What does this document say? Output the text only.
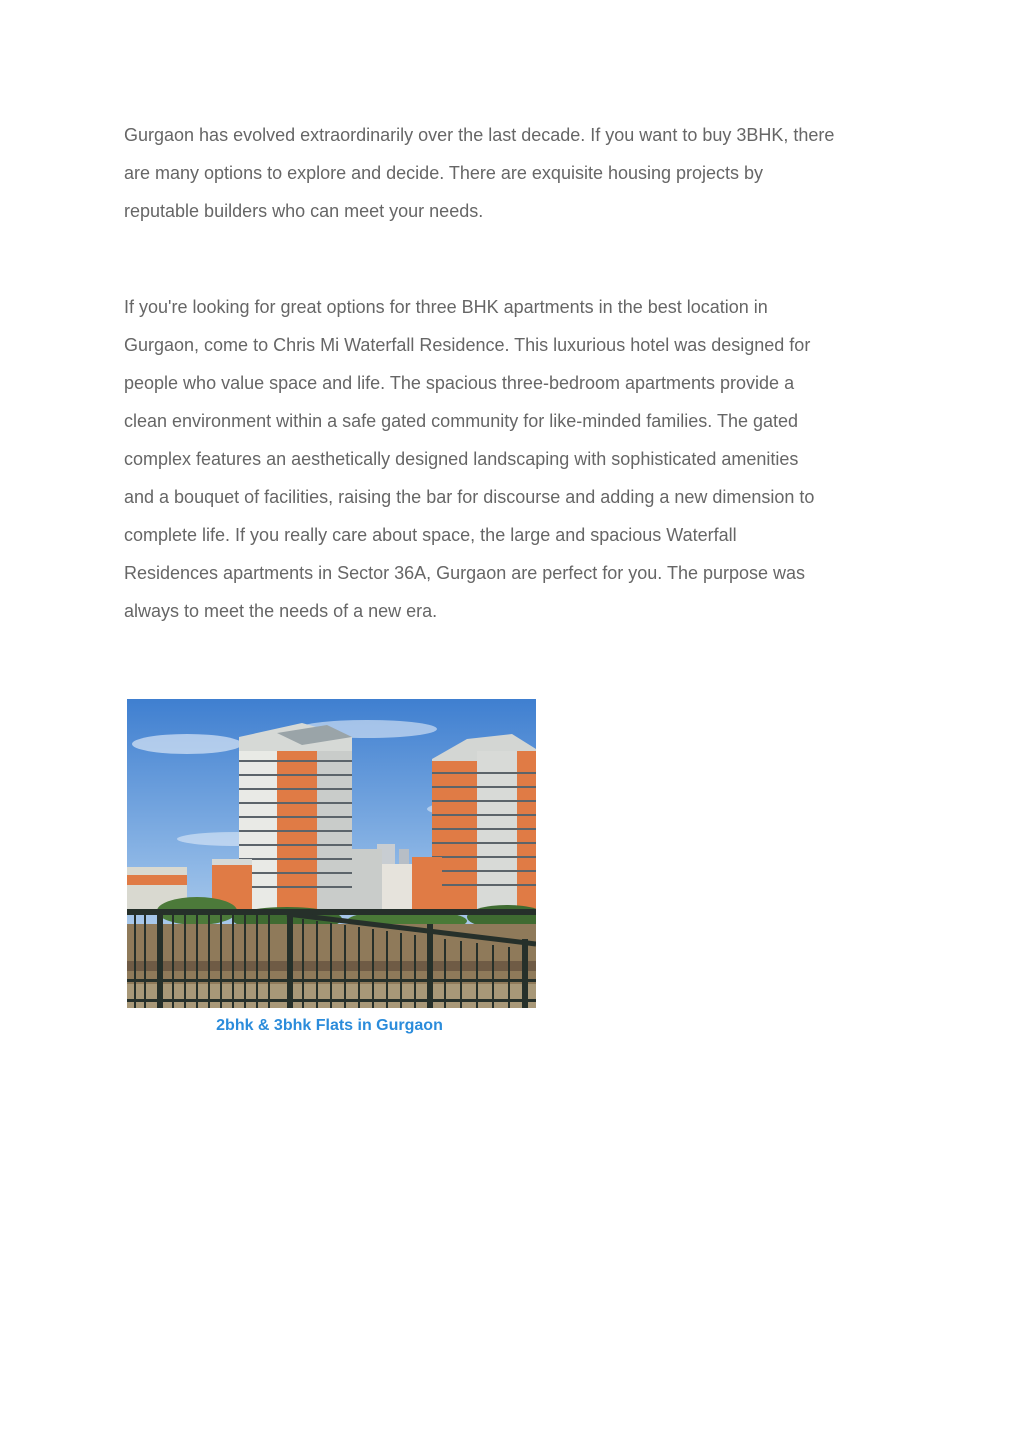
Gurgaon has evolved extraordinarily over the last decade. If you want to buy 3BHK, there
are many options to explore and decide. There are exquisite housing projects by
reputable builders who can meet your needs.

If you're looking for great options for three BHK apartments in the best location in
Gurgaon, come to Chris Mi Waterfall Residence. This luxurious hotel was designed for
people who value space and life. The spacious three-bedroom apartments provide a
clean environment within a safe gated community for like-minded families. The gated
complex features an aesthetically designed landscaping with sophisticated amenities
and a bouquet of facilities, raising the bar for discourse and adding a new dimension to
complete life. If you really care about space, the large and spacious Waterfall
Residences apartments in Sector 36A, Gurgaon are perfect for you. The purpose was
always to meet the needs of a new era.

2bhk & 3bhk Flats in Gurgaon
